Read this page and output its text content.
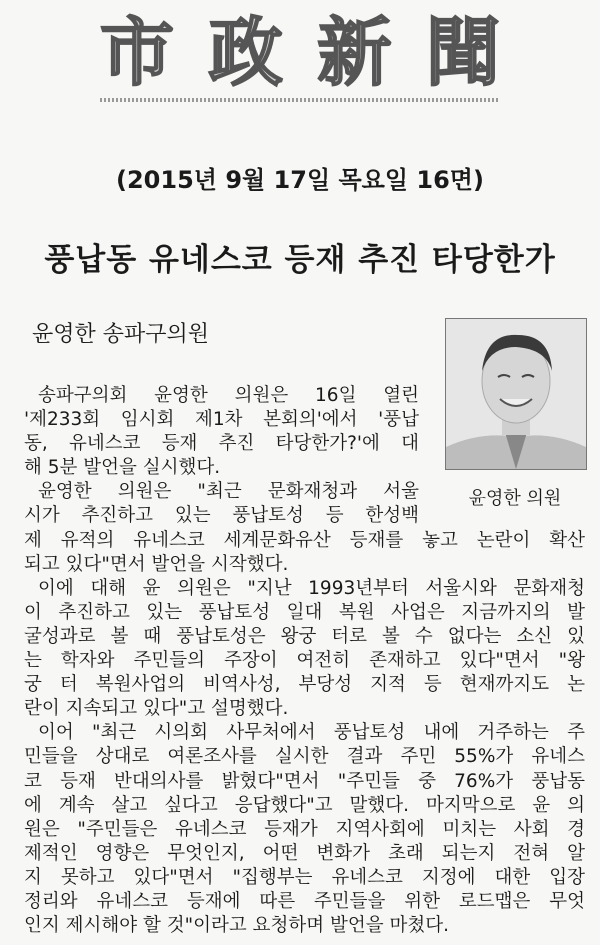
市 政 新 聞
(2015년 9월 17일 목요일 16면)
풍납동 유네스코 등재 추진 타당한가
윤영한 송파구의원
윤영한 의원
송파구의회 윤영한 의원은 16일 열린
'제233회 임시회 제1차 본회의'에서 '풍납
동, 유네스코 등재 추진 타당한가?'에 대
해 5분 발언을 실시했다.
윤영한 의원은 "최근 문화재청과 서울
시가 추진하고 있는 풍납토성 등 한성백
제 유적의 유네스코 세계문화유산 등재를 놓고 논란이 확산
되고 있다"면서 발언을 시작했다.
이에 대해 윤 의원은 "지난 1993년부터 서울시와 문화재청
이 추진하고 있는 풍납토성 일대 복원 사업은 지금까지의 발
굴성과로 볼 때 풍납토성은 왕궁 터로 볼 수 없다는 소신 있
는 학자와 주민들의 주장이 여전히 존재하고 있다"면서 "왕
궁 터 복원사업의 비역사성, 부당성 지적 등 현재까지도 논
란이 지속되고 있다"고 설명했다.
이어 "최근 시의회 사무처에서 풍납토성 내에 거주하는 주
민들을 상대로 여론조사를 실시한 결과 주민 55%가 유네스
코 등재 반대의사를 밝혔다"면서 "주민들 중 76%가 풍납동
에 계속 살고 싶다고 응답했다"고 말했다. 마지막으로 윤 의
원은 "주민들은 유네스코 등재가 지역사회에 미치는 사회 경
제적인 영향은 무엇인지, 어떤 변화가 초래 되는지 전혀 알
지 못하고 있다"면서 "집행부는 유네스코 지정에 대한 입장
정리와 유네스코 등재에 따른 주민들을 위한 로드맵은 무엇
인지 제시해야 할 것"이라고 요청하며 발언을 마쳤다.
